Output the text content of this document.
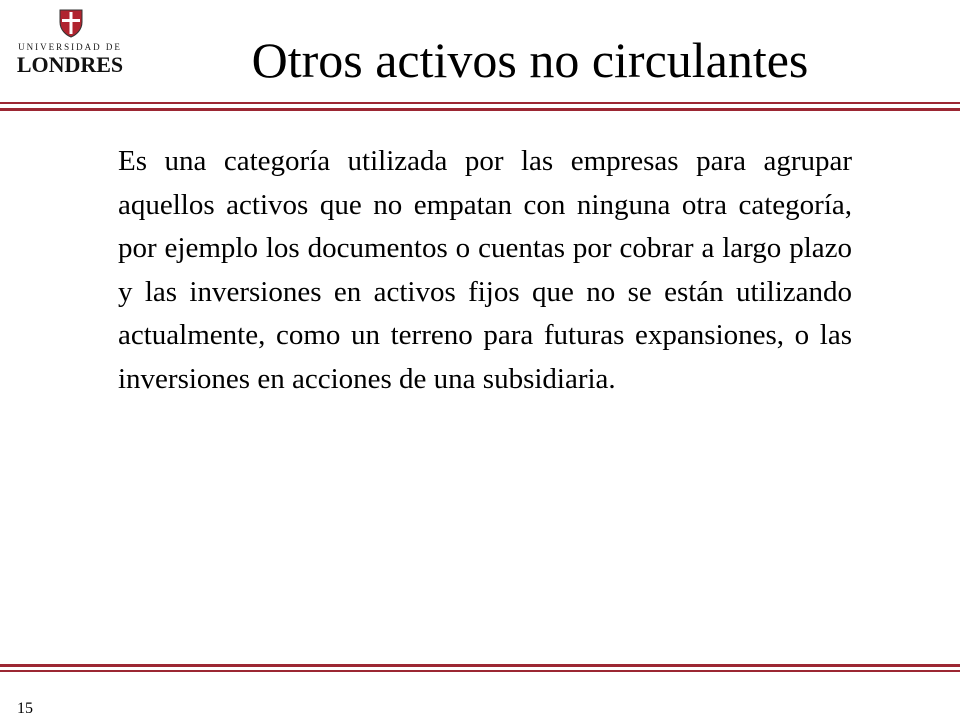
UNIVERSIDAD DE
LONDRES	Otros activos no circulantes
Es una categoría utilizada por las empresas para agrupar aquellos activos que no empatan con ninguna otra categoría, por ejemplo los documentos o cuentas por cobrar a largo plazo y las inversiones en activos fijos que no se están utilizando actualmente, como un terreno para futuras expansiones, o las inversiones en acciones de una subsidiaria.
15
